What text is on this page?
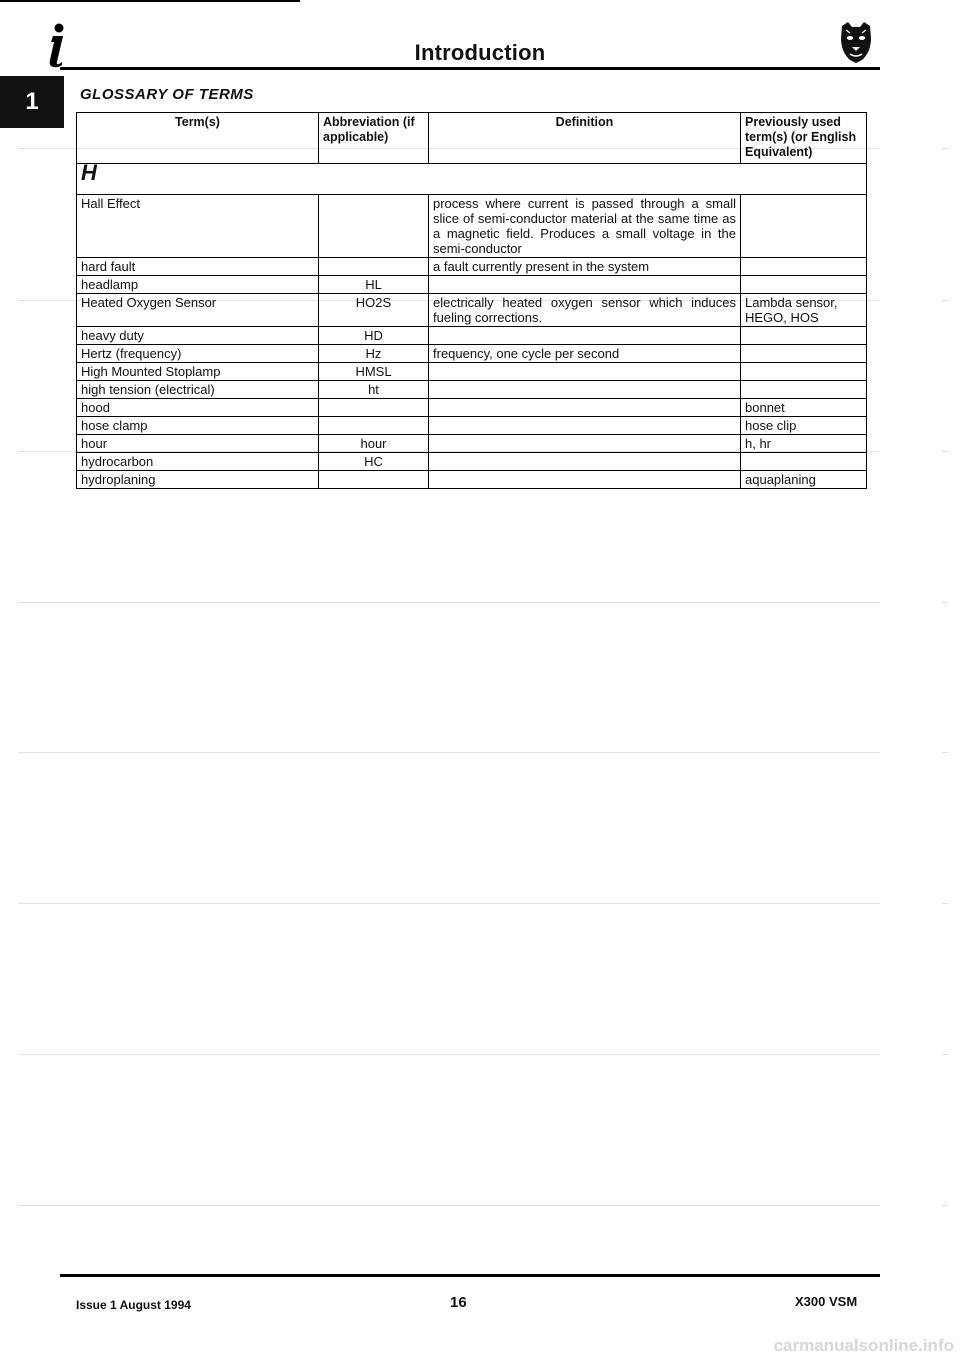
Introduction
1	GLOSSARY OF TERMS
Term(s)	Abbreviation (if applicable)	Definition	Previously used term(s) (or English Equivalent)
H			
Hall Effect		process where current is passed through a small slice of semi-conductor material at the same time as a magnetic field. Produces a small voltage in the semi-conductor	
hard fault		a fault currently present in the system	
headlamp	HL		
Heated Oxygen Sensor	HO2S	electrically heated oxygen sensor which induces fueling corrections.	Lambda sensor, HEGO, HOS
heavy duty	HD		
Hertz (frequency)	Hz	frequency, one cycle per second	
High Mounted Stoplamp	HMSL		
high tension (electrical)	ht		
hood			bonnet
hose clamp			hose clip
hour	hour		h, hr
hydrocarbon	HC		
hydroplaning			aquaplaning
Issue 1 August 1994	16	X300 VSM
carmanualsonline.info
